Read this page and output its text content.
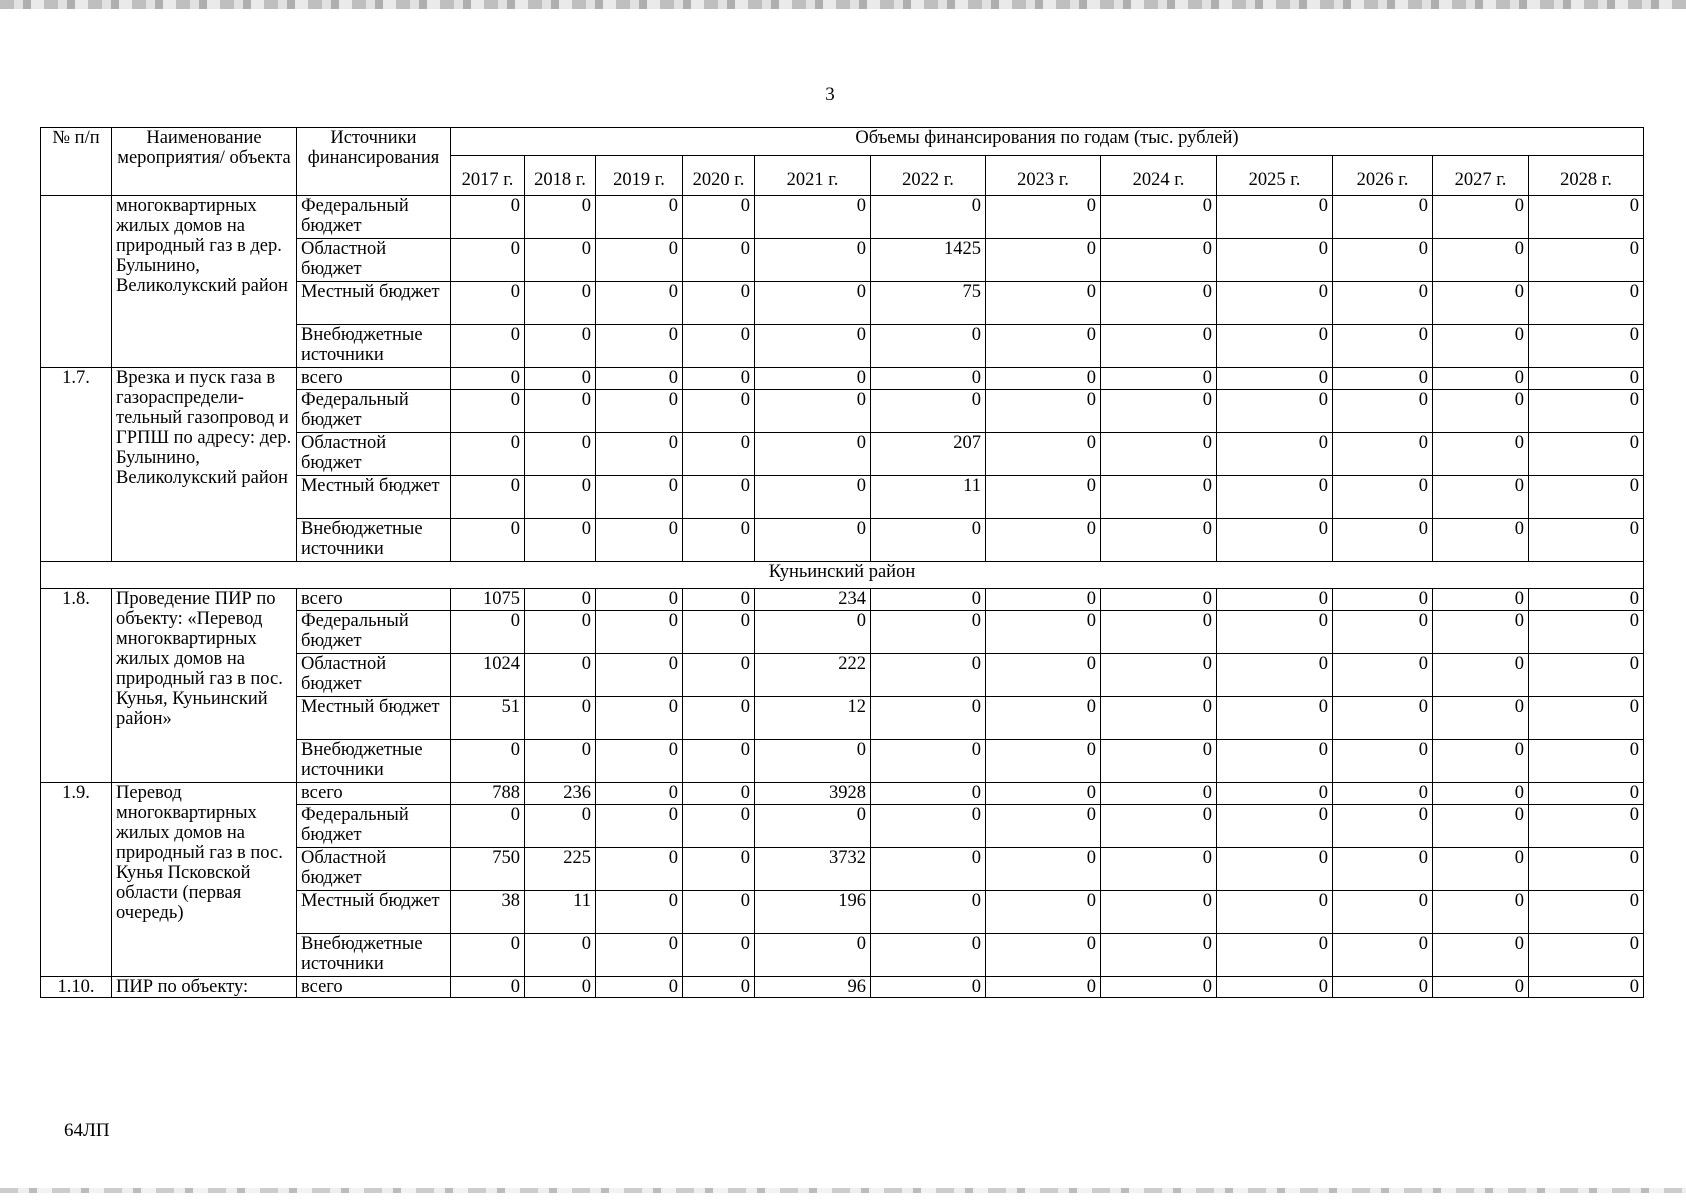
3
№ п/п	Наименование мероприятия/ объекта	Источники финансирования	Объемы финансирования по годам (тыс. рублей)											
			2017 г.	2018 г.	2019 г.	2020 г.	2021 г.	2022 г.	2023 г.	2024 г.	2025 г.	2026 г.	2027 г.	2028 г.
	многоквартирных жилых домов на природный газ в дер. Булынино, Великолукский район	Федеральный бюджет	0	0	0	0	0	0	0	0	0	0	0	0
		Областной бюджет	0	0	0	0	0	1425	0	0	0	0	0	0
		Местный бюджет	0	0	0	0	0	75	0	0	0	0	0	0
		Внебюджетные источники	0	0	0	0	0	0	0	0	0	0	0	0
1.7.	Врезка и пуск газа в газораспредели-тельный газопровод и ГРПШ по адресу: дер. Булынино, Великолукский район	всего	0	0	0	0	0	0	0	0	0	0	0	0
		Федеральный бюджет	0	0	0	0	0	0	0	0	0	0	0	0
		Областной бюджет	0	0	0	0	0	207	0	0	0	0	0	0
		Местный бюджет	0	0	0	0	0	11	0	0	0	0	0	0
		Внебюджетные источники	0	0	0	0	0	0	0	0	0	0	0	0
Куньинский район														
1.8.	Проведение ПИР по объекту: «Перевод многоквартирных жилых домов на природный газ в пос. Кунья, Куньинский район»	всего	1075	0	0	0	234	0	0	0	0	0	0	0
		Федеральный бюджет	0	0	0	0	0	0	0	0	0	0	0	0
		Областной бюджет	1024	0	0	0	222	0	0	0	0	0	0	0
		Местный бюджет	51	0	0	0	12	0	0	0	0	0	0	0
		Внебюджетные источники	0	0	0	0	0	0	0	0	0	0	0	0
1.9.	Перевод многоквартирных жилых домов на природный газ в пос. Кунья Псковской области (первая очередь)	всего	788	236	0	0	3928	0	0	0	0	0	0	0
		Федеральный бюджет	0	0	0	0	0	0	0	0	0	0	0	0
		Областной бюджет	750	225	0	0	3732	0	0	0	0	0	0	0
		Местный бюджет	38	11	0	0	196	0	0	0	0	0	0	0
		Внебюджетные источники	0	0	0	0	0	0	0	0	0	0	0	0
1.10.	ПИР по объекту:	всего	0	0	0	0	96	0	0	0	0	0	0	0
64ЛП
